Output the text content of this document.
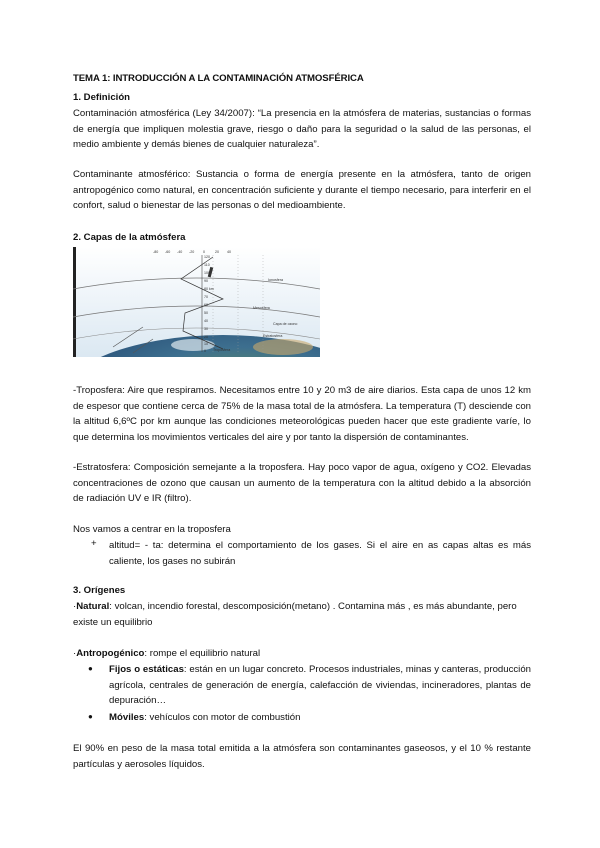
TEMA 1: INTRODUCCIÓN A LA CONTAMINACIÓN ATMOSFÉRICA
1. Definición
Contaminación atmosférica (Ley 34/2007): “La presencia en la atmósfera de materias, sustancias o formas de energía que impliquen molestia grave, riesgo o daño para la seguridad o la salud de las personas, el medio ambiente y demás bienes de cualquier naturaleza”.
Contaminante atmosférico: Sustancia o forma de energía presente en la atmósfera, tanto de origen antropogénico como natural, en concentración suficiente y durante el tiempo necesario, para interferir en el confort, salud o bienestar de las personas o del medioambiente.
2. Capas de la atmósfera
-80 -60 -40 -20 0	20 40
120
110
100
90
80 km
70
60
50
40
30
20
10
0
Ionosfera
Mesosfera
Capa de ozono
Estratosfera
Troposfera
-Troposfera: Aire que respiramos. Necesitamos entre 10 y 20 m3 de aire diarios. Esta capa de unos 12 km de espesor que contiene cerca de 75% de la masa total de la atmósfera. La temperatura (T) desciende con la altitud 6,6ºC por km aunque las condiciones meteorológicas pueden hacer que este gradiente varíe, lo que determina los movimientos verticales del aire y por tanto la dispersión de contaminantes.
-Estratosfera: Composición semejante a la troposfera. Hay poco vapor de agua, oxígeno y CO2. Elevadas concentraciones de ozono que causan un aumento de la temperatura con la altitud debido a la absorción de radiación UV e IR (filtro).
Nos vamos a centrar en la troposfera
+ altitud= - ta: determina el comportamiento de los gases. Si el aire en as capas altas es más caliente, los gases no subirán
3. Orígenes
·Natural: volcan, incendio forestal, descomposición(metano) . Contamina más , es más abundante, pero existe un equilibrio
·Antropogénico: rompe el equilibrio natural
● Fijos o estáticas: están en un lugar concreto. Procesos industriales, minas y canteras, producción agrícola, centrales de generación de energía, calefacción de viviendas, incineradores, plantas de depuración…
● Móviles: vehículos con motor de combustión
El 90% en peso de la masa total emitida a la atmósfera son contaminantes gaseosos, y el 10 % restante partículas y aerosoles líquidos.
